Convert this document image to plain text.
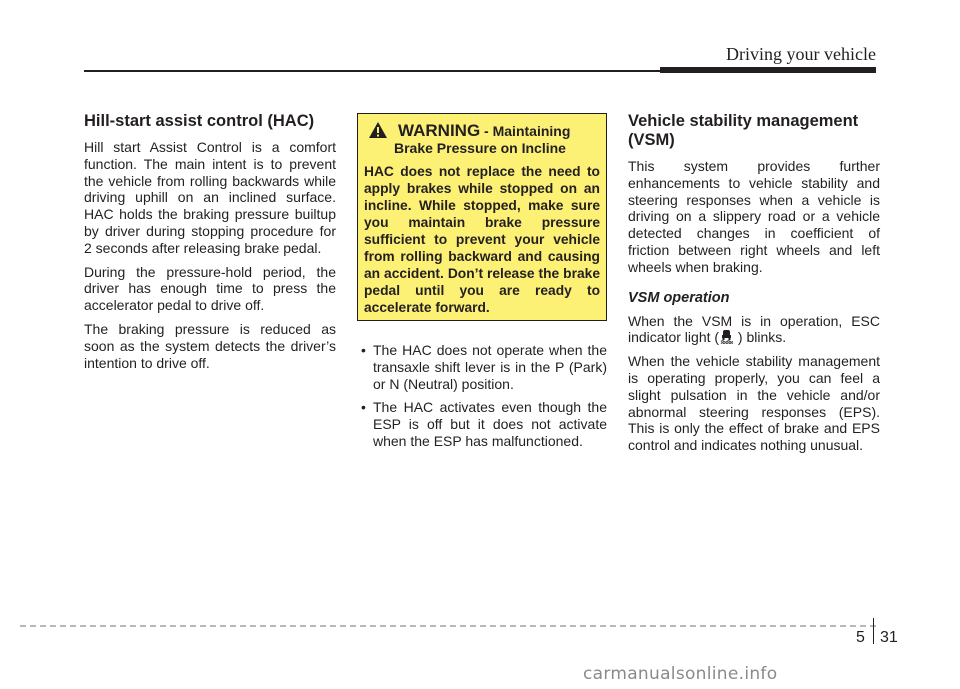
Driving your vehicle
Hill-start assist control (HAC)

Hill start Assist Control is a comfort function. The main intent is to prevent the vehicle from rolling backwards while driving uphill on an inclined surface. HAC holds the braking pressure builtup by driver during stopping procedure for 2 seconds after releasing brake pedal.

During the pressure-hold period, the driver has enough time to press the accelerator pedal to drive off.

The braking pressure is reduced as soon as the system detects the driver’s intention to drive off.

WARNING - Maintaining
Brake Pressure on Incline
HAC does not replace the need to apply brakes while stopped on an incline. While stopped, make sure you maintain brake pressure sufficient to prevent your vehicle from rolling backward and causing an accident. Don’t release the brake pedal until you are ready to accelerate forward.
• The HAC does not operate when the transaxle shift lever is in the P (Park) or N (Neutral) position.
• The HAC activates even though the ESP is off but it does not activate when the ESP has malfunctioned.
Vehicle stability management (VSM)

This system provides further enhancements to vehicle stability and steering responses when a vehicle is driving on a slippery road or a vehicle detected changes in coefficient of friction between right wheels and left wheels when braking.

VSM operation

When the VSM is in operation, ESC indicator light ( ) blinks.

When the vehicle stability management is operating properly, you can feel a slight pulsation in the vehicle and/or abnormal steering responses (EPS). This is only the effect of brake and EPS control and indicates nothing unusual.

5 31
carmanualsonline.info
